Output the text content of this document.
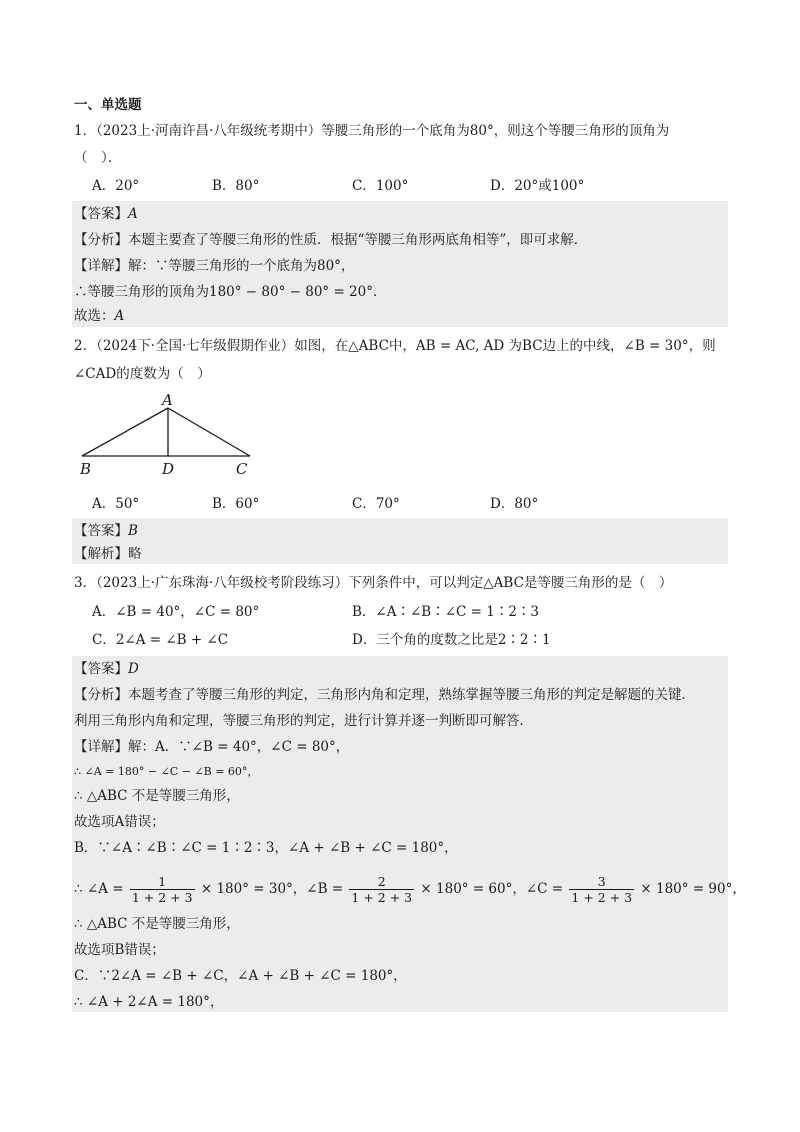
一、单选题
1．（2023上·河南许昌·八年级统考期中）等腰三角形的一个底角为80°，则这个等腰三角形的顶角为
（　）．
A．20°	B．80°	C．100°	D．20°或100°
【答案】A
【分析】本题主要查了等腰三角形的性质．根据“等腰三角形两底角相等”，即可求解．
【详解】解：∵等腰三角形的一个底角为80°，
∴等腰三角形的顶角为180° − 80° − 80° = 20°．
故选：A
2．（2024下·全国·七年级假期作业）如图，在△ABC中，AB = AC, AD 为BC边上的中线，∠B = 30°，则
∠CAD的度数为（　）
A
B	D	C
A．50°	B．60°	C．70°	D．80°
【答案】B
【解析】略
3．（2023上·广东珠海·八年级校考阶段练习）下列条件中，可以判定△ABC是等腰三角形的是（　）
A．∠B = 40°，∠C = 80°	B．∠A∶∠B∶∠C = 1∶2∶3
C．2∠A = ∠B + ∠C	D．三个角的度数之比是2∶2∶1
【答案】D
【分析】本题考查了等腰三角形的判定，三角形内角和定理，熟练掌握等腰三角形的判定是解题的关键．
利用三角形内角和定理，等腰三角形的判定，进行计算并逐一判断即可解答．
【详解】解：A．∵∠B = 40°，∠C = 80°，
∴ ∠A = 180° − ∠C − ∠B = 60°，
∴ △ABC 不是等腰三角形，
故选项A错误；
B．∵∠A∶∠B∶∠C = 1∶2∶3，∠A + ∠B + ∠C = 180°，
∴ ∠A = $\frac{1}{1 + 2 + 3} \times 180^\circ = 30^\circ$，∠B = $\frac{2}{1 + 2 + 3} \times 180^\circ = 60^\circ$，∠C = $\frac{3}{1 + 2 + 3} \times 180^\circ = 90^\circ$，
∴ △ABC 不是等腰三角形，
故选项B错误；
C．∵2∠A = ∠B + ∠C，∠A + ∠B + ∠C = 180°，
∴ ∠A + 2∠A = 180°，
